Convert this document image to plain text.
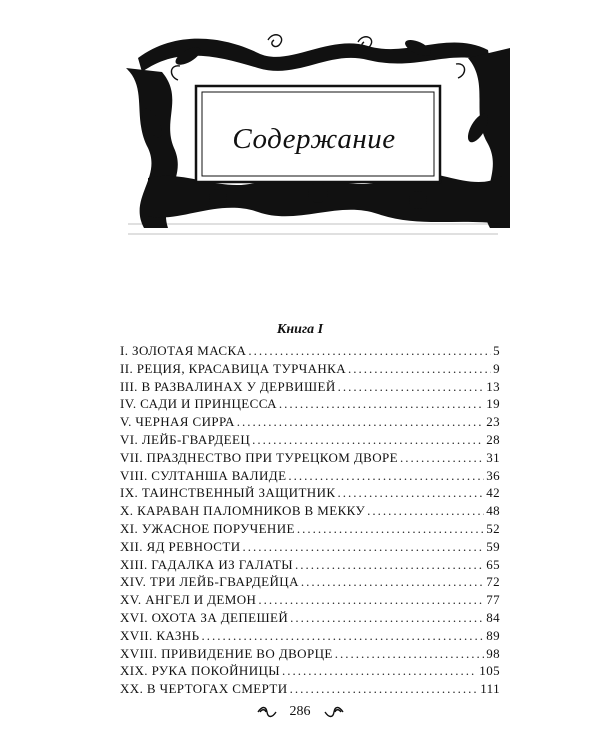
Содержание
Книга I
I. ЗОЛОТАЯ МАСКА .....	5
II. РЕЦИЯ, КРАСАВИЦА ТУРЧАНКА .....	9
III. В РАЗВАЛИНАХ У ДЕРВИШЕЙ .....	13
IV. САДИ И ПРИНЦЕССА .....	19
V. ЧЕРНАЯ СИРРА .....	23
VI. ЛЕЙБ-ГВАРДЕЕЦ .....	28
VII. ПРАЗДНЕСТВО ПРИ ТУРЕЦКОМ ДВОРЕ .....	31
VIII. СУЛТАНША ВАЛИДЕ .....	36
IX. ТАИНСТВЕННЫЙ ЗАЩИТНИК .....	42
X. КАРАВАН ПАЛОМНИКОВ В МЕККУ .....	48
XI. УЖАСНОЕ ПОРУЧЕНИЕ .....	52
XII. ЯД РЕВНОСТИ .....	59
XIII. ГАДАЛКА ИЗ ГАЛАТЫ .....	65
XIV. ТРИ ЛЕЙБ-ГВАРДЕЙЦА .....	72
XV. АНГЕЛ И ДЕМОН .....	77
XVI. ОХОТА ЗА ДЕПЕШЕЙ .....	84
XVII. КАЗНЬ .....	89
XVIII. ПРИВИДЕНИЕ ВО ДВОРЦЕ .....	98
XIX. РУКА ПОКОЙНИЦЫ .....	105
XX. В ЧЕРТОГАХ СМЕРТИ .....	111
286
